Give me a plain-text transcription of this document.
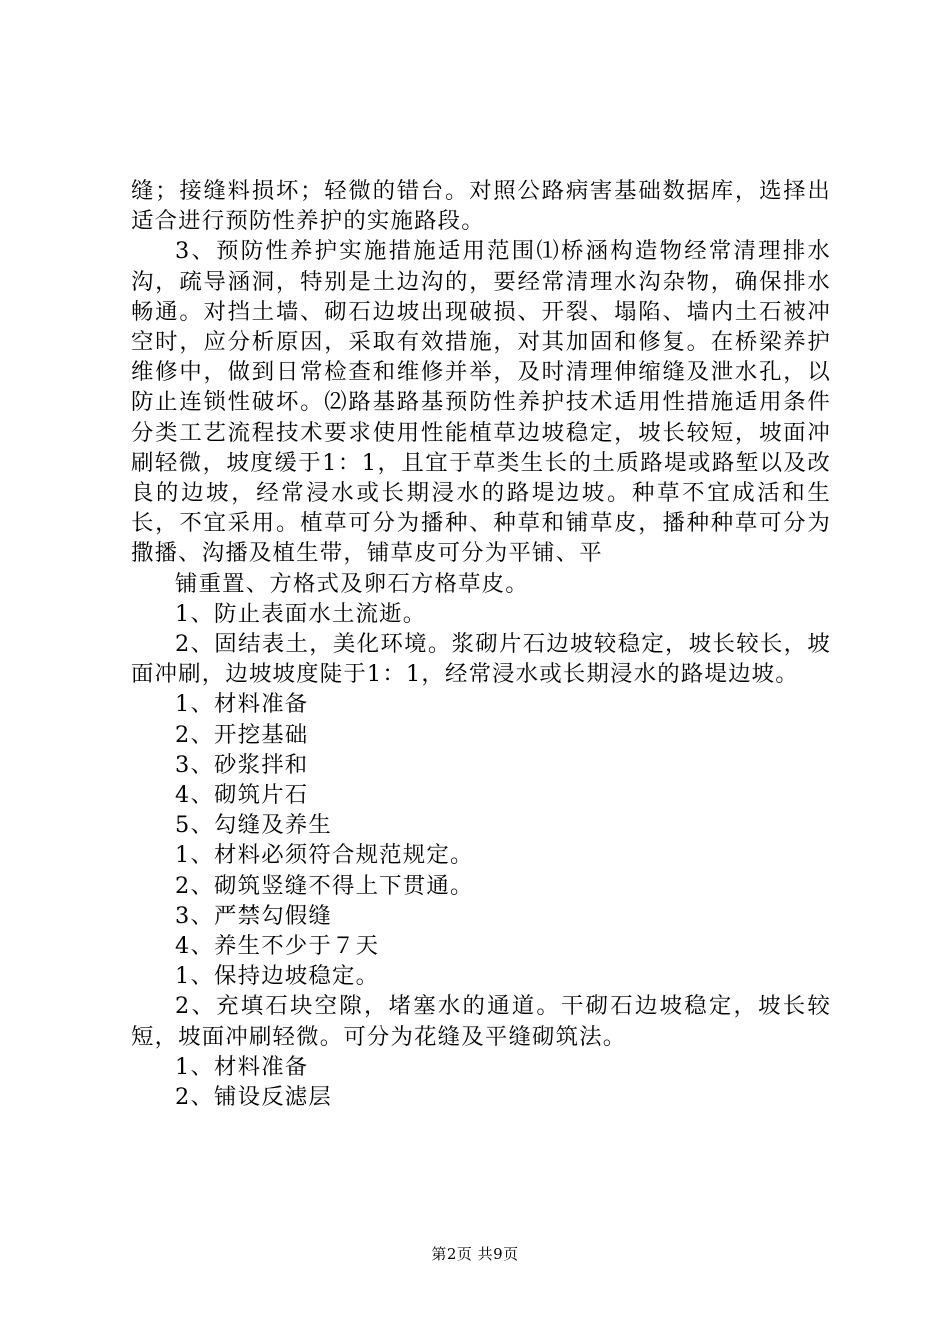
缝；接缝料损坏；轻微的错台。对照公路病害基础数据库，选择出适合进行预防性养护的实施路段。

3、预防性养护实施措施适用范围⑴桥涵构造物经常清理排水沟，疏导涵洞，特别是土边沟的，要经常清理水沟杂物，确保排水畅通。对挡土墙、砌石边坡出现破损、开裂、塌陷、墙内土石被冲空时，应分析原因，采取有效措施，对其加固和修复。在桥梁养护维修中，做到日常检查和维修并举，及时清理伸缩缝及泄水孔，以防止连锁性破坏。⑵路基路基预防性养护技术适用性措施适用条件分类工艺流程技术要求使用性能植草边坡稳定，坡长较短，坡面冲刷轻微，坡度缓于1：1，且宜于草类生长的土质路堤或路堑以及改良的边坡，经常浸水或长期浸水的路堤边坡。种草不宜成活和生长，不宜采用。植草可分为播种、种草和铺草皮，播种种草可分为撒播、沟播及植生带，铺草皮可分为平铺、平

铺重置、方格式及卵石方格草皮。

1、防止表面水土流逝。

2、固结表土，美化环境。浆砌片石边坡较稳定，坡长较长，坡面冲刷，边坡坡度陡于1：1，经常浸水或长期浸水的路堤边坡。

1、材料准备

2、开挖基础

3、砂浆拌和

4、砌筑片石

5、勾缝及养生

1、材料必须符合规范规定。

2、砌筑竖缝不得上下贯通。

3、严禁勾假缝

4、养生不少于７天

1、保持边坡稳定。

2、充填石块空隙，堵塞水的通道。干砌石边坡稳定，坡长较短，坡面冲刷轻微。可分为花缝及平缝砌筑法。

1、材料准备

2、铺设反滤层

第2页 共9页
